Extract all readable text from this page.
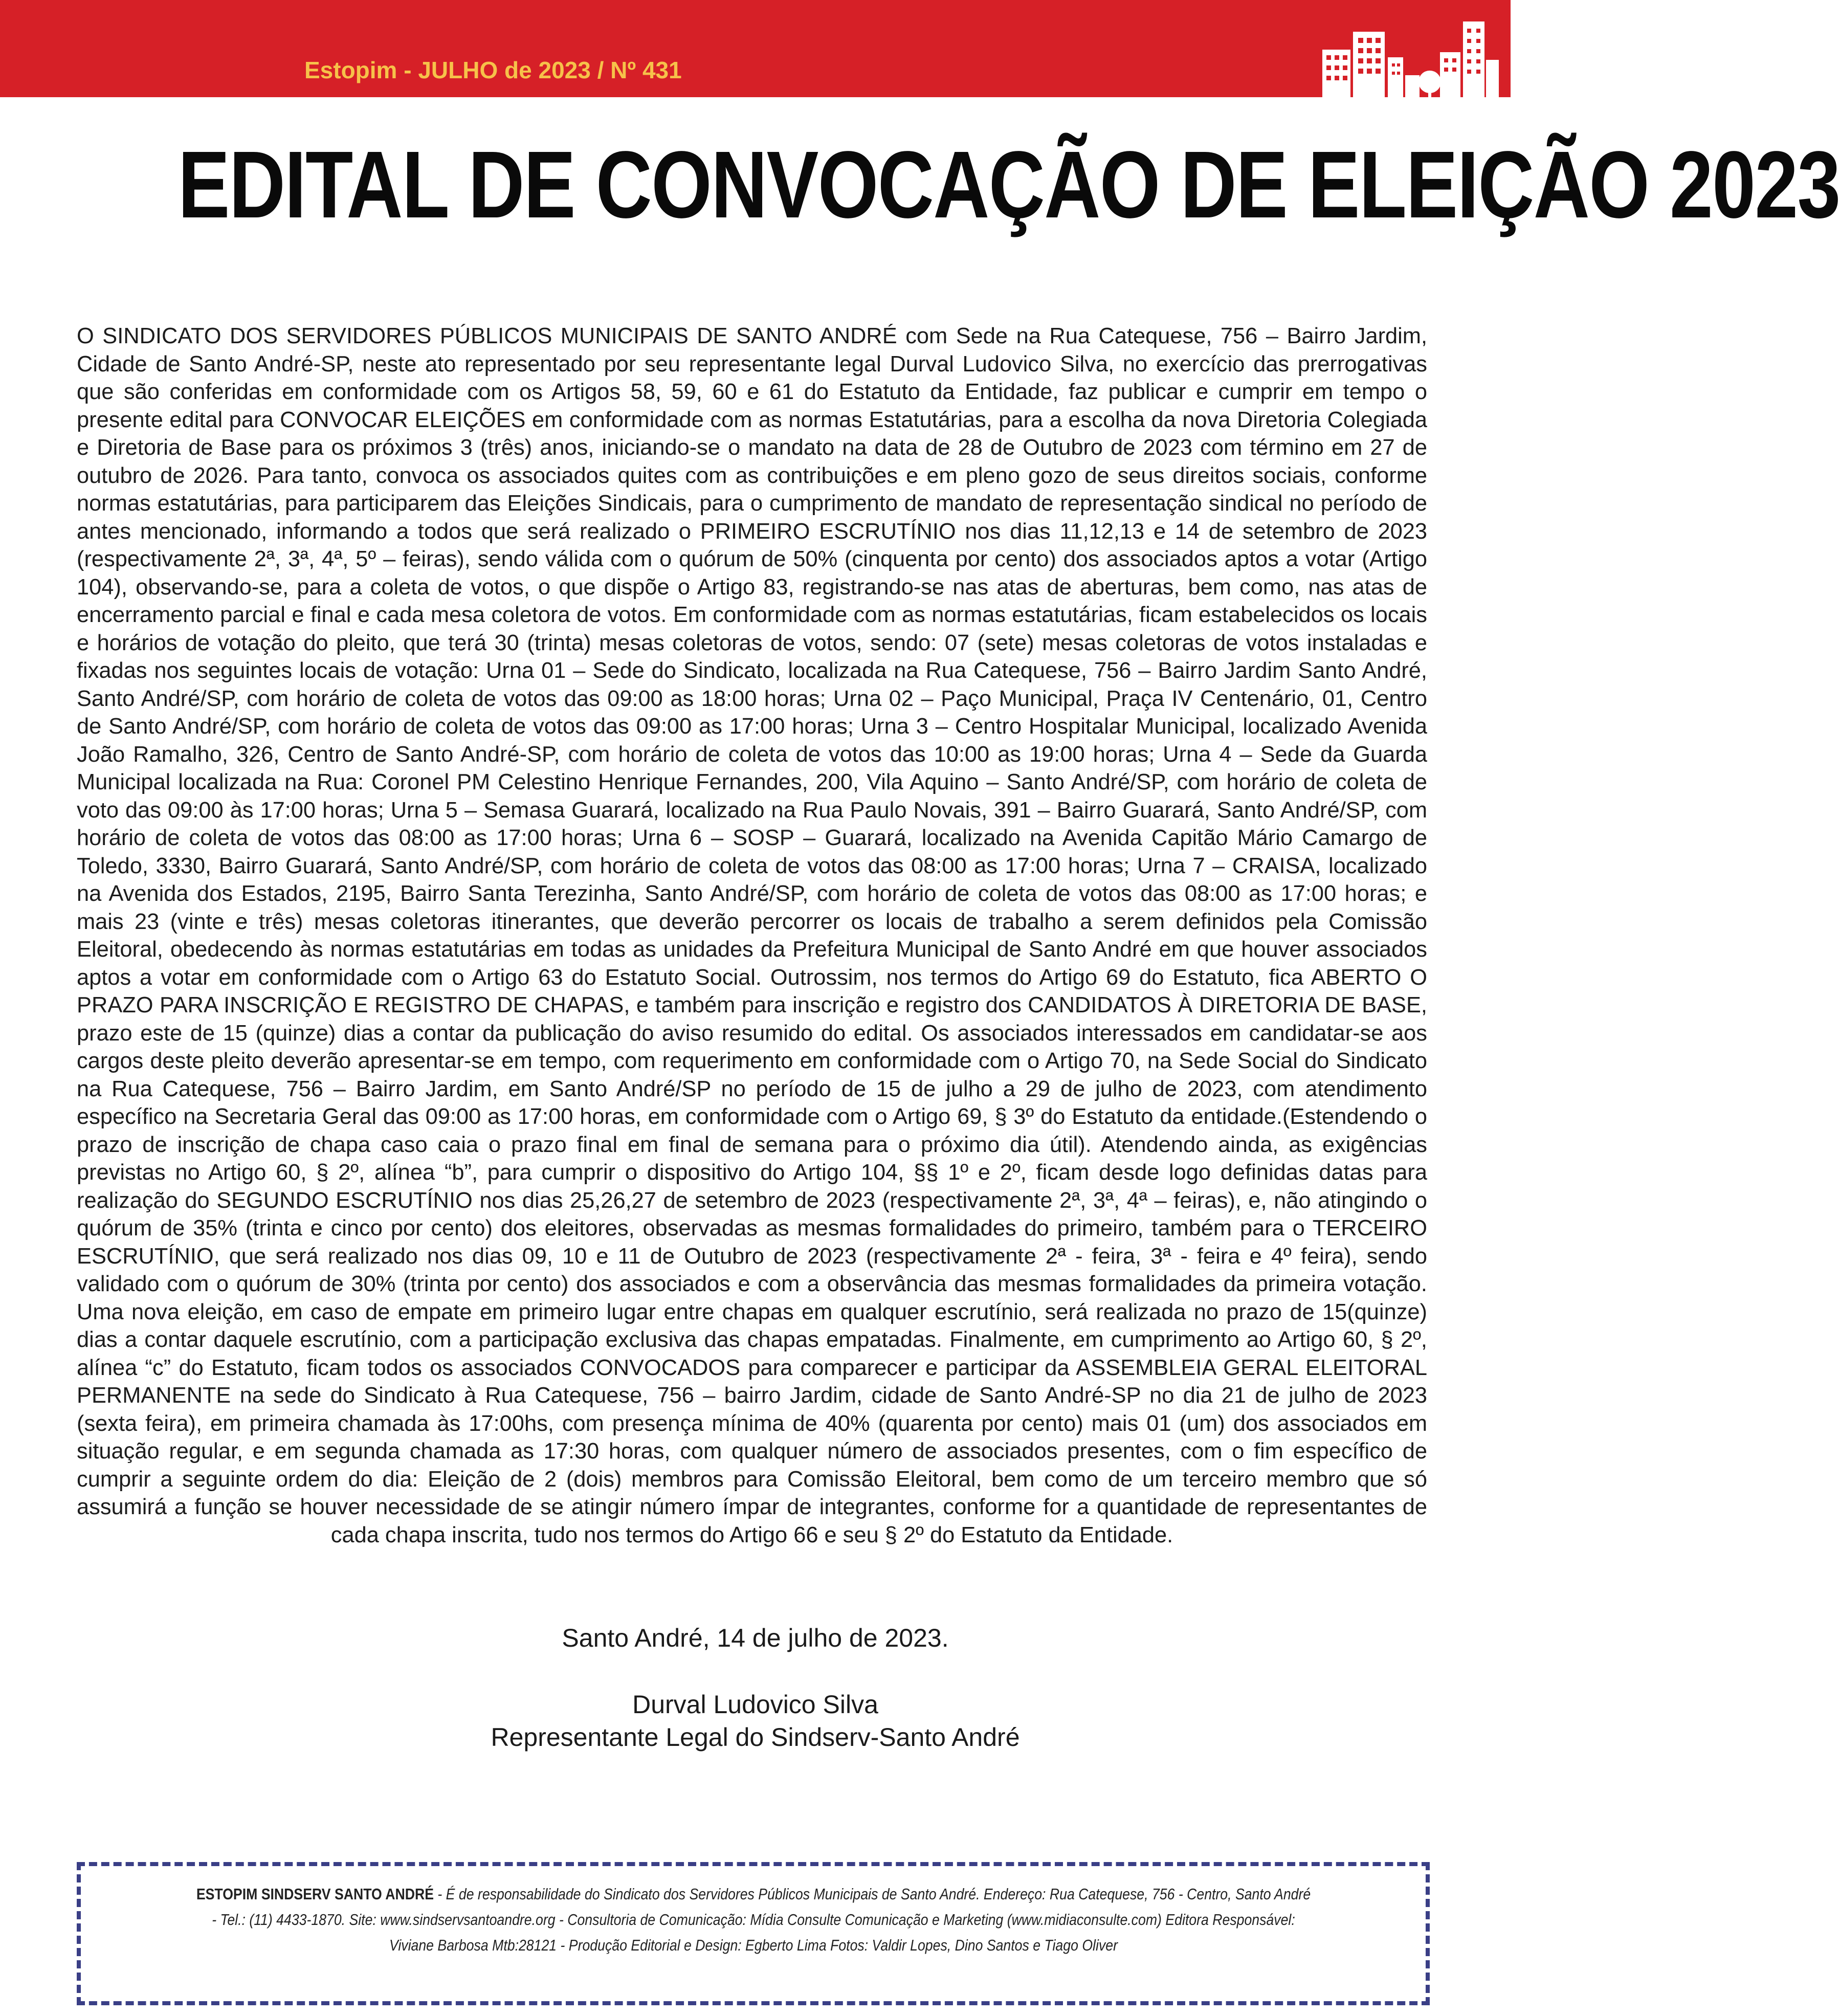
Estopim - JULHO de 2023 / Nº 431
EDITAL DE CONVOCAÇÃO DE ELEIÇÃO 2023
O SINDICATO DOS SERVIDORES PÚBLICOS MUNICIPAIS DE SANTO ANDRÉ com Sede na Rua Catequese, 756 – Bairro Jardim, Cidade de Santo André-SP, neste ato representado por seu representante legal Durval Ludovico Silva, no exercício das prerrogativas que são conferidas em conformidade com os Artigos 58, 59, 60 e 61 do Estatuto da Entidade, faz publicar e cumprir em tempo o presente edital para CONVOCAR ELEIÇÕES em conformidade com as normas Estatutárias, para a escolha da nova Diretoria Colegiada e Diretoria de Base para os próximos 3 (três) anos, iniciando-se o mandato na data de 28 de Outubro de 2023 com término em 27 de outubro de 2026. Para tanto, convoca os associados quites com as contribuições e em pleno gozo de seus direitos sociais, conforme normas estatutárias, para participarem das Eleições Sindicais, para o cumprimento de mandato de representação sindical no período de antes mencionado, informando a todos que será realizado o PRIMEIRO ESCRUTÍNIO nos dias 11,12,13 e 14 de setembro de 2023 (respectivamente 2ª, 3ª, 4ª, 5º – feiras), sendo válida com o quórum de 50% (cinquenta por cento) dos associados aptos a votar (Artigo 104), observando-se, para a coleta de votos, o que dispõe o Artigo 83, registrando-se nas atas de aberturas, bem como, nas atas de encerramento parcial e final e cada mesa coletora de votos. Em conformidade com as normas estatutárias, ficam estabelecidos os locais e horários de votação do pleito, que terá 30 (trinta) mesas coletoras de votos, sendo: 07 (sete) mesas coletoras de votos instaladas e fixadas nos seguintes locais de votação: Urna 01 – Sede do Sindicato, localizada na Rua Catequese, 756 – Bairro Jardim Santo André, Santo André/SP, com horário de coleta de votos das 09:00 as 18:00 horas; Urna 02 – Paço Municipal, Praça IV Centenário, 01, Centro de Santo André/SP, com horário de coleta de votos das 09:00 as 17:00 horas; Urna 3 – Centro Hospitalar Municipal, localizado Avenida João Ramalho, 326, Centro de Santo André-SP, com horário de coleta de votos das 10:00 as 19:00 horas; Urna 4 – Sede da Guarda Municipal localizada na Rua: Coronel PM Celestino Henrique Fernandes, 200, Vila Aquino – Santo André/SP, com horário de coleta de voto das 09:00 às 17:00 horas; Urna 5 – Semasa Guarará, localizado na Rua Paulo Novais, 391 – Bairro Guarará, Santo André/SP, com horário de coleta de votos das 08:00 as 17:00 horas; Urna 6 – SOSP – Guarará, localizado na Avenida Capitão Mário Camargo de Toledo, 3330, Bairro Guarará, Santo André/SP, com horário de coleta de votos das 08:00 as 17:00 horas; Urna 7 – CRAISA, localizado na Avenida dos Estados, 2195, Bairro Santa Terezinha, Santo André/SP, com horário de coleta de votos das 08:00 as 17:00 horas; e mais 23 (vinte e três) mesas coletoras itinerantes, que deverão percorrer os locais de trabalho a serem definidos pela Comissão Eleitoral, obedecendo às normas estatutárias em todas as unidades da Prefeitura Municipal de Santo André em que houver associados aptos a votar em conformidade com o Artigo 63 do Estatuto Social. Outrossim, nos termos do Artigo 69 do Estatuto, fica ABERTO O PRAZO PARA INSCRIÇÃO E REGISTRO DE CHAPAS, e também para inscrição e registro dos CANDIDATOS À DIRETORIA DE BASE, prazo este de 15 (quinze) dias a contar da publicação do aviso resumido do edital. Os associados interessados em candidatar-se aos cargos deste pleito deverão apresentar-se em tempo, com requerimento em conformidade com o Artigo 70, na Sede Social do Sindicato na Rua Catequese, 756 – Bairro Jardim, em Santo André/SP no período de 15 de julho a 29 de julho de 2023, com atendimento específico na Secretaria Geral das 09:00 as 17:00 horas, em conformidade com o Artigo 69, § 3º do Estatuto da entidade.(Estendendo o prazo de inscrição de chapa caso caia o prazo final em final de semana para o próximo dia útil). Atendendo ainda, as exigências previstas no Artigo 60, § 2º, alínea “b”, para cumprir o dispositivo do Artigo 104, §§ 1º e 2º, ficam desde logo definidas datas para realização do SEGUNDO ESCRUTÍNIO nos dias 25,26,27 de setembro de 2023 (respectivamente 2ª, 3ª, 4ª – feiras), e, não atingindo o quórum de 35% (trinta e cinco por cento) dos eleitores, observadas as mesmas formalidades do primeiro, também para o TERCEIRO ESCRUTÍNIO, que será realizado nos dias 09, 10 e 11 de Outubro de 2023 (respectivamente 2ª - feira, 3ª - feira e 4º feira), sendo validado com o quórum de 30% (trinta por cento) dos associados e com a observância das mesmas formalidades da primeira votação. Uma nova eleição, em caso de empate em primeiro lugar entre chapas em qualquer escrutínio, será realizada no prazo de 15(quinze) dias a contar daquele escrutínio, com a participação exclusiva das chapas empatadas. Finalmente, em cumprimento ao Artigo 60, § 2º, alínea “c” do Estatuto, ficam todos os associados CONVOCADOS para comparecer e participar da ASSEMBLEIA GERAL ELEITORAL PERMANENTE na sede do Sindicato à Rua Catequese, 756 – bairro Jardim, cidade de Santo André-SP no dia 21 de julho de 2023 (sexta feira), em primeira chamada às 17:00hs, com presença mínima de 40% (quarenta por cento) mais 01 (um) dos associados em situação regular, e em segunda chamada as 17:30 horas, com qualquer número de associados presentes, com o fim específico de cumprir a seguinte ordem do dia: Eleição de 2 (dois) membros para Comissão Eleitoral, bem como de um terceiro membro que só assumirá a função se houver necessidade de se atingir número ímpar de integrantes, conforme for a quantidade de representantes de cada chapa inscrita, tudo nos termos do Artigo 66 e seu § 2º do Estatuto da Entidade.
Santo André, 14 de julho de 2023.
Durval Ludovico Silva
Representante Legal do Sindserv-Santo André
ESTOPIM SINDSERV SANTO ANDRÉ - É de responsabilidade do Sindicato dos Servidores Públicos Municipais de Santo André. Endereço: Rua Catequese, 756 - Centro, Santo André - Tel.: (11) 4433-1870. Site: www.sindservsantoandre.org - Consultoria de Comunicação: Mídia Consulte Comunicação e Marketing (www.midiaconsulte.com) Editora Responsável: Viviane Barbosa Mtb:28121 - Produção Editorial e Design: Egberto Lima Fotos: Valdir Lopes, Dino Santos e Tiago Oliver
